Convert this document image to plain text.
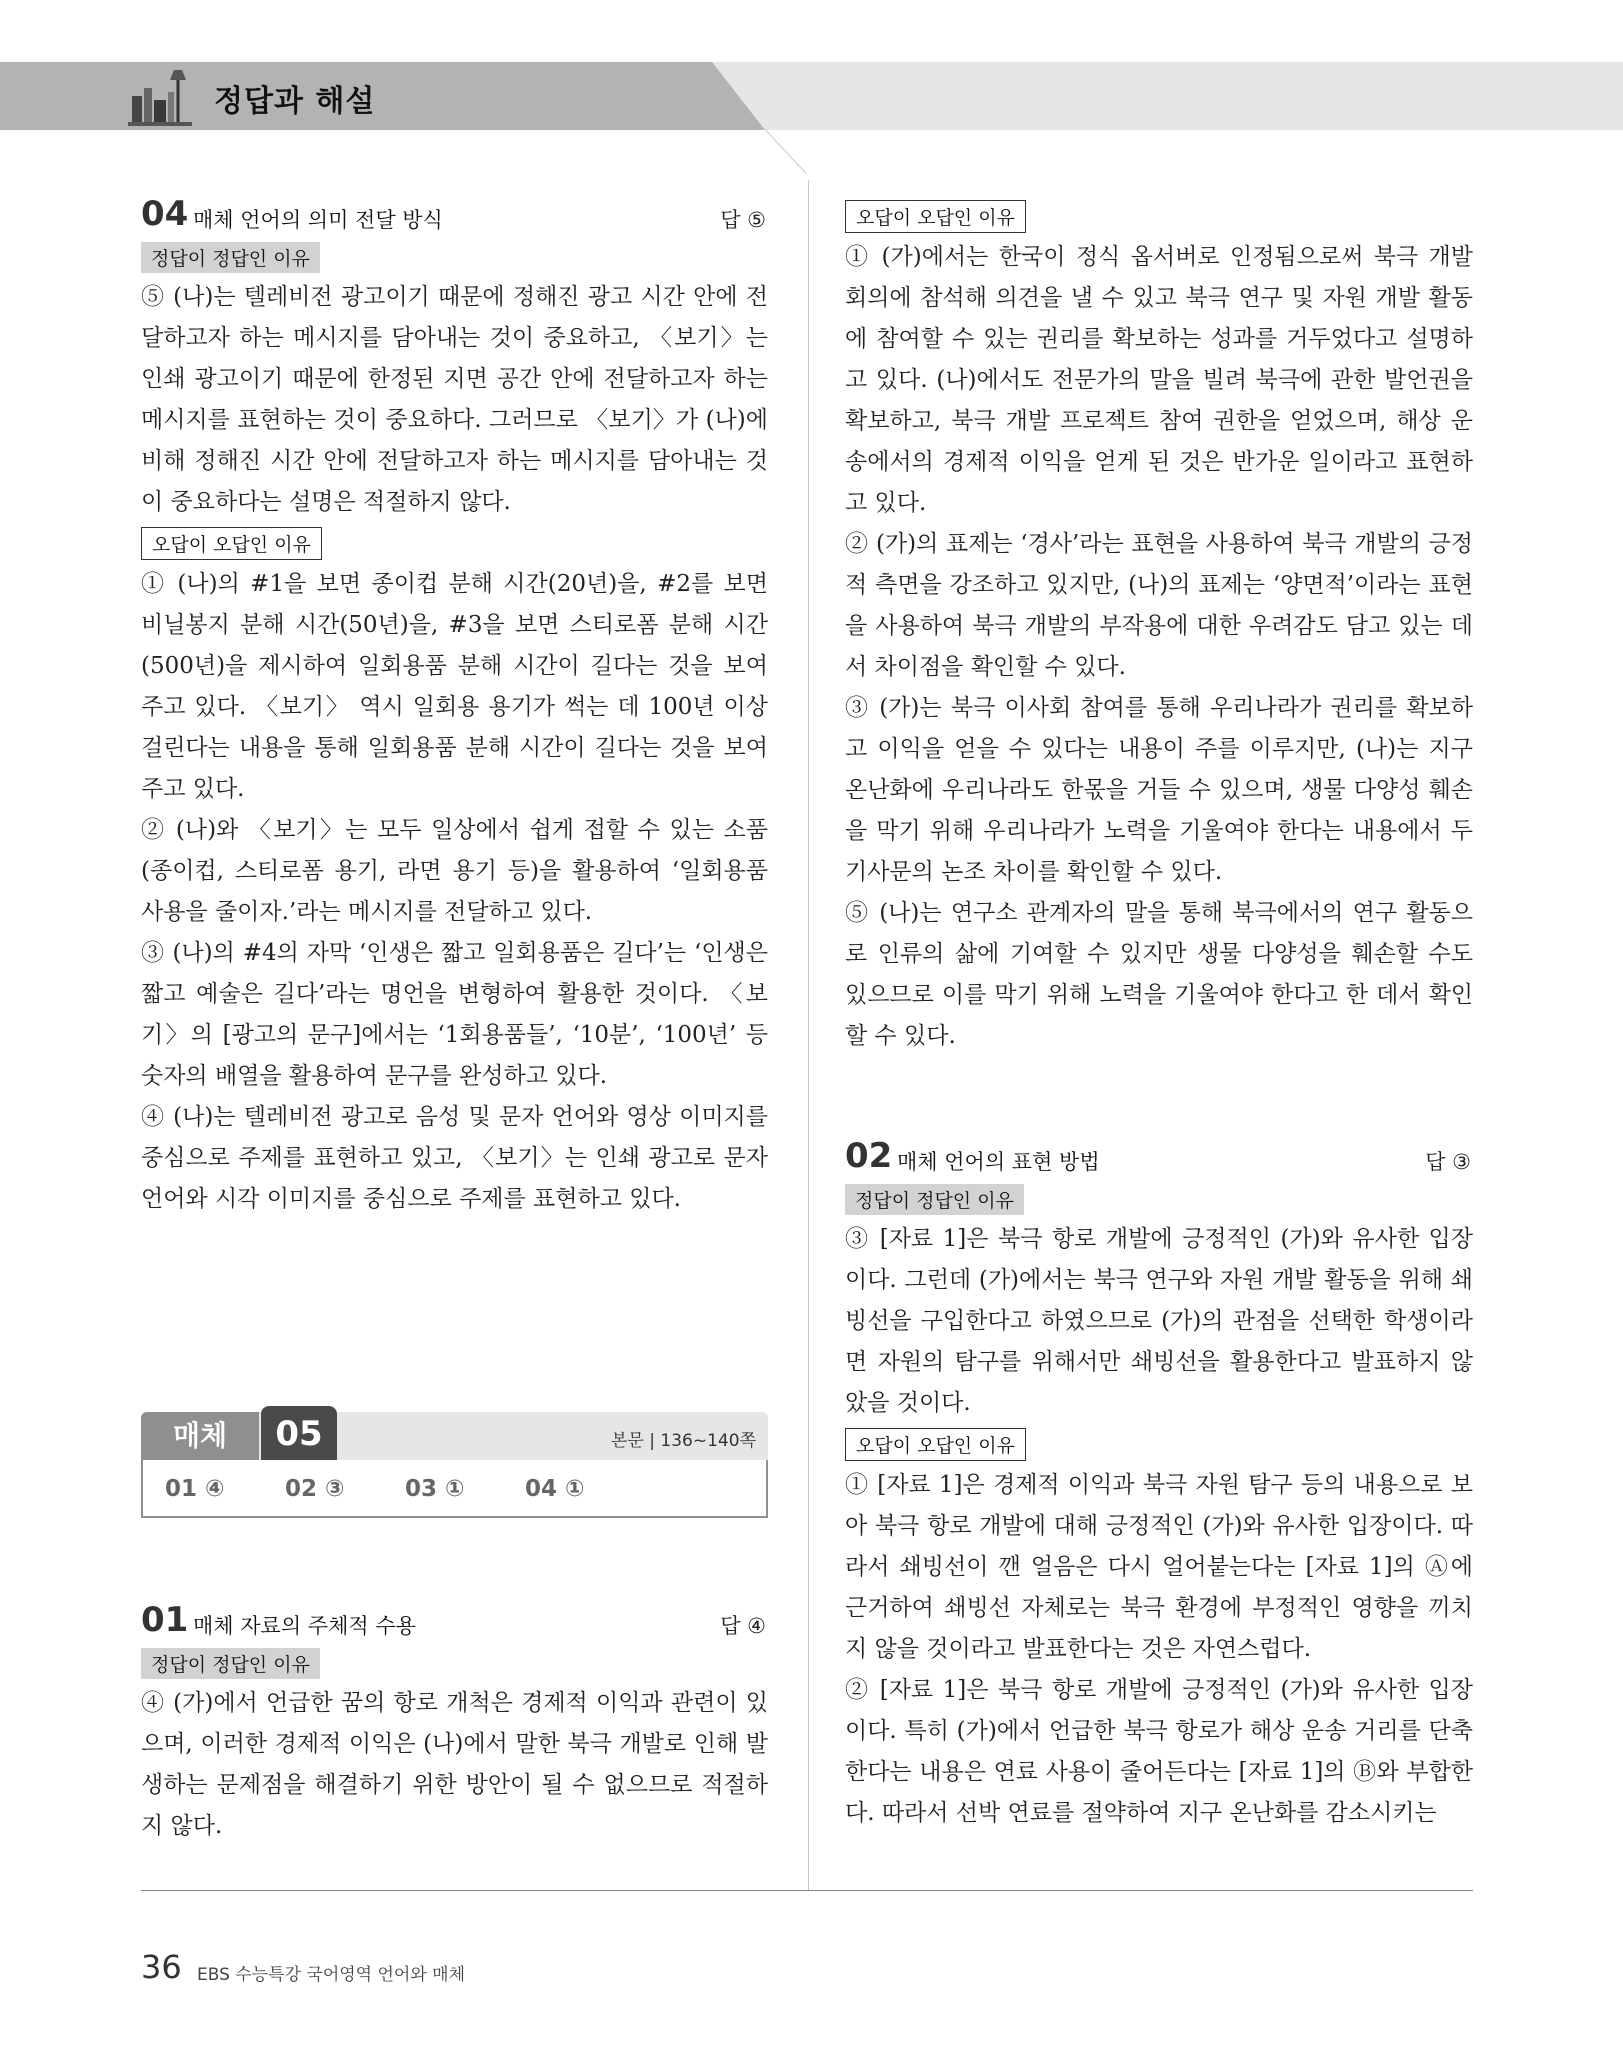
정답과 해설
04 매체 언어의 의미 전달 방식	답 ⑤
정답이 정답인 이유

⑤ (나)는 텔레비전 광고이기 때문에 정해진 광고 시간 안에 전달하고자 하는 메시지를 담아내는 것이 중요하고, 〈보기〉는 인쇄 광고이기 때문에 한정된 지면 공간 안에 전달하고자 하는 메시지를 표현하는 것이 중요하다. 그러므로 〈보기〉가 (나)에 비해 정해진 시간 안에 전달하고자 하는 메시지를 담아내는 것이 중요하다는 설명은 적절하지 않다.

오답이 오답인 이유

① (나)의 #1을 보면 종이컵 분해 시간(20년)을, #2를 보면 비닐봉지 분해 시간(50년)을, #3을 보면 스티로폼 분해 시간(500년)을 제시하여 일회용품 분해 시간이 길다는 것을 보여 주고 있다. 〈보기〉 역시 일회용 용기가 썩는 데 100년 이상 걸린다는 내용을 통해 일회용품 분해 시간이 길다는 것을 보여 주고 있다.

② (나)와 〈보기〉는 모두 일상에서 쉽게 접할 수 있는 소품(종이컵, 스티로폼 용기, 라면 용기 등)을 활용하여 ‘일회용품 사용을 줄이자.’라는 메시지를 전달하고 있다.

③ (나)의 #4의 자막 ‘인생은 짧고 일회용품은 길다’는 ‘인생은 짧고 예술은 길다’라는 명언을 변형하여 활용한 것이다. 〈보기〉의 [광고의 문구]에서는 ‘1회용품들’, ‘10분’, ‘100년’ 등 숫자의 배열을 활용하여 문구를 완성하고 있다.

④ (나)는 텔레비전 광고로 음성 및 문자 언어와 영상 이미지를 중심으로 주제를 표현하고 있고, 〈보기〉는 인쇄 광고로 문자 언어와 시각 이미지를 중심으로 주제를 표현하고 있다.

매체	05	본문 | 136~140쪽
01 ④	02 ③	03 ①	04 ①
01 매체 자료의 주체적 수용	답 ④
정답이 정답인 이유

④ (가)에서 언급한 꿈의 항로 개척은 경제적 이익과 관련이 있으며, 이러한 경제적 이익은 (나)에서 말한 북극 개발로 인해 발생하는 문제점을 해결하기 위한 방안이 될 수 없으므로 적절하지 않다.

오답이 오답인 이유

① (가)에서는 한국이 정식 옵서버로 인정됨으로써 북극 개발 회의에 참석해 의견을 낼 수 있고 북극 연구 및 자원 개발 활동에 참여할 수 있는 권리를 확보하는 성과를 거두었다고 설명하고 있다. (나)에서도 전문가의 말을 빌려 북극에 관한 발언권을 확보하고, 북극 개발 프로젝트 참여 권한을 얻었으며, 해상 운송에서의 경제적 이익을 얻게 된 것은 반가운 일이라고 표현하고 있다.

② (가)의 표제는 ‘경사’라는 표현을 사용하여 북극 개발의 긍정적 측면을 강조하고 있지만, (나)의 표제는 ‘양면적’이라는 표현을 사용하여 북극 개발의 부작용에 대한 우려감도 담고 있는 데서 차이점을 확인할 수 있다.

③ (가)는 북극 이사회 참여를 통해 우리나라가 권리를 확보하고 이익을 얻을 수 있다는 내용이 주를 이루지만, (나)는 지구 온난화에 우리나라도 한몫을 거들 수 있으며, 생물 다양성 훼손을 막기 위해 우리나라가 노력을 기울여야 한다는 내용에서 두 기사문의 논조 차이를 확인할 수 있다.

⑤ (나)는 연구소 관계자의 말을 통해 북극에서의 연구 활동으로 인류의 삶에 기여할 수 있지만 생물 다양성을 훼손할 수도 있으므로 이를 막기 위해 노력을 기울여야 한다고 한 데서 확인할 수 있다.

02 매체 언어의 표현 방법	답 ③
정답이 정답인 이유

③ [자료 1]은 북극 항로 개발에 긍정적인 (가)와 유사한 입장이다. 그런데 (가)에서는 북극 연구와 자원 개발 활동을 위해 쇄빙선을 구입한다고 하였으므로 (가)의 관점을 선택한 학생이라면 자원의 탐구를 위해서만 쇄빙선을 활용한다고 발표하지 않았을 것이다.

오답이 오답인 이유

① [자료 1]은 경제적 이익과 북극 자원 탐구 등의 내용으로 보아 북극 항로 개발에 대해 긍정적인 (가)와 유사한 입장이다. 따라서 쇄빙선이 깬 얼음은 다시 얼어붙는다는 [자료 1]의 Ⓐ에 근거하여 쇄빙선 자체로는 북극 환경에 부정적인 영향을 끼치지 않을 것이라고 발표한다는 것은 자연스럽다.

② [자료 1]은 북극 항로 개발에 긍정적인 (가)와 유사한 입장이다. 특히 (가)에서 언급한 북극 항로가 해상 운송 거리를 단축한다는 내용은 연료 사용이 줄어든다는 [자료 1]의 Ⓑ와 부합한다. 따라서 선박 연료를 절약하여 지구 온난화를 감소시키는

36 EBS 수능특강 국어영역 언어와 매체
